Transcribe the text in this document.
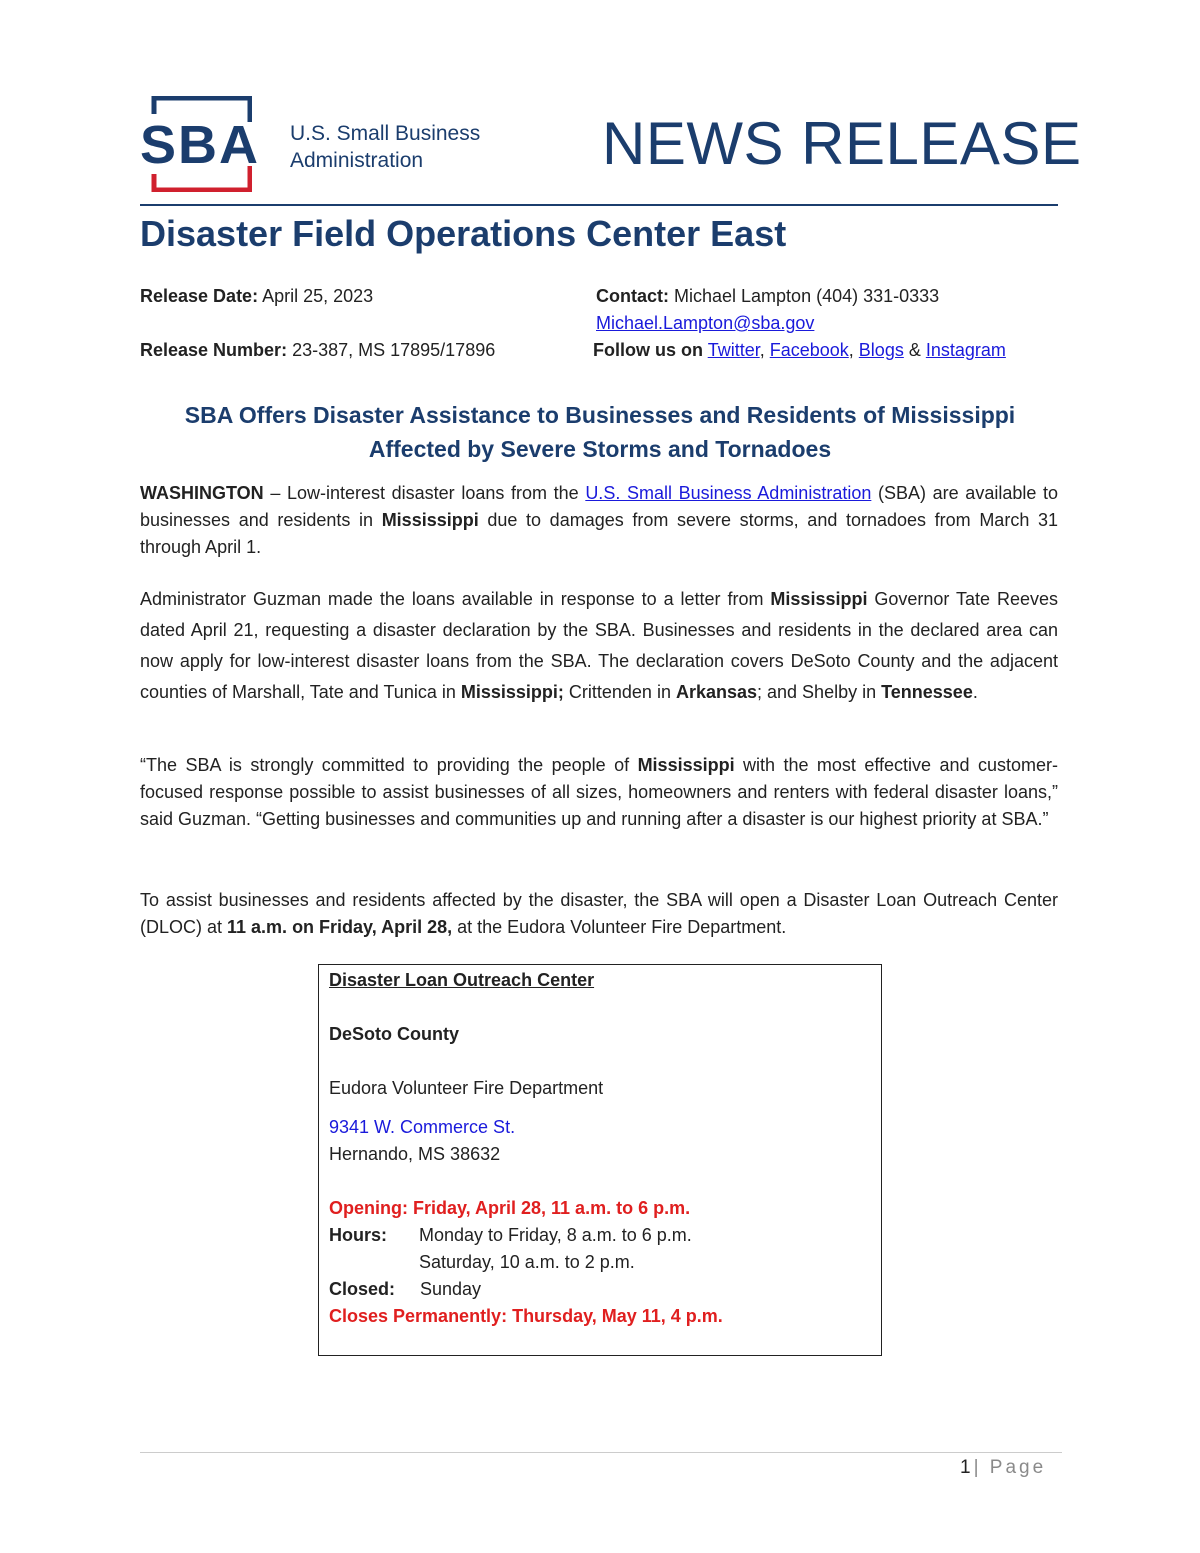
SBA U.S. Small Business
Administration	NEWS RELEASE
Disaster Field Operations Center East
Release Date: April 25, 2023	Contact: Michael Lampton (404) 331-0333
Michael.Lampton@sba.gov
Release Number: 23-387, MS 17895/17896	Follow us on Twitter, Facebook, Blogs & Instagram
SBA Offers Disaster Assistance to Businesses and Residents of Mississippi
Affected by Severe Storms and Tornadoes
WASHINGTON – Low-interest disaster loans from the U.S. Small Business Administration (SBA) are available to businesses and residents in Mississippi due to damages from severe storms, and tornadoes from March 31 through April 1.
Administrator Guzman made the loans available in response to a letter from Mississippi Governor Tate Reeves dated April 21, requesting a disaster declaration by the SBA. Businesses and residents in the declared area can now apply for low-interest disaster loans from the SBA. The declaration covers DeSoto County and the adjacent counties of Marshall, Tate and Tunica in Mississippi; Crittenden in Arkansas; and Shelby in Tennessee.
“The SBA is strongly committed to providing the people of Mississippi with the most effective and customer-focused response possible to assist businesses of all sizes, homeowners and renters with federal disaster loans,” said Guzman. “Getting businesses and communities up and running after a disaster is our highest priority at SBA.”
To assist businesses and residents affected by the disaster, the SBA will open a Disaster Loan Outreach Center (DLOC) at 11 a.m. on Friday, April 28, at the Eudora Volunteer Fire Department.
Disaster Loan Outreach Center
DeSoto County
Eudora Volunteer Fire Department
9341 W. Commerce St.
Hernando, MS 38632
Opening: Friday, April 28, 11 a.m. to 6 p.m.
Hours: Monday to Friday, 8 a.m. to 6 p.m.
Saturday, 10 a.m. to 2 p.m.
Closed: Sunday
Closes Permanently: Thursday, May 11, 4 p.m.
1| Page
